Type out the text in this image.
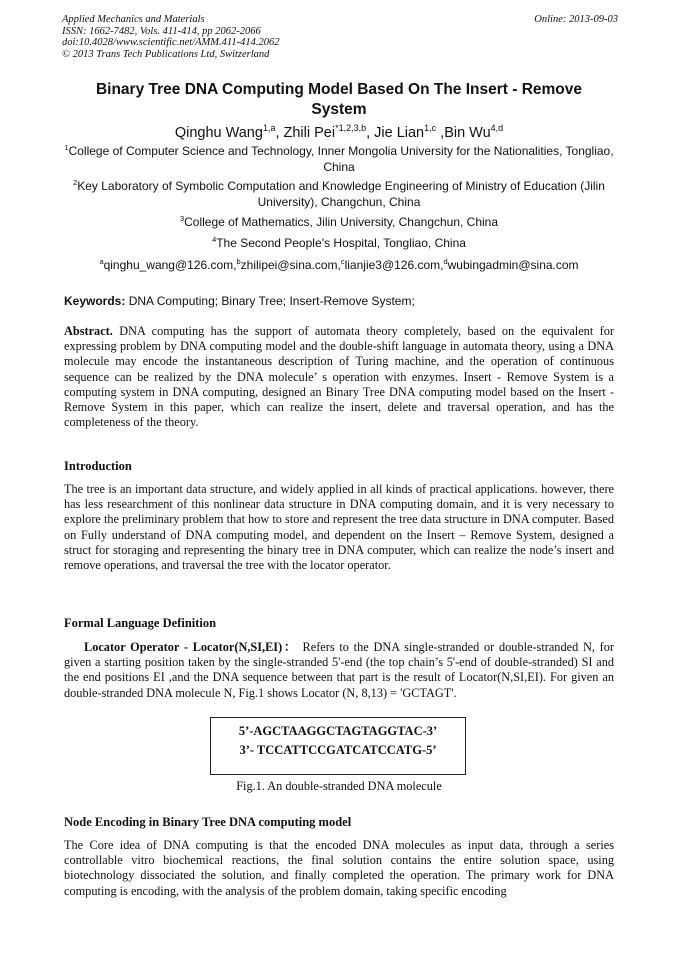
Applied Mechanics and Materials
ISSN: 1662-7482, Vols. 411-414, pp 2062-2066
doi:10.4028/www.scientific.net/AMM.411-414.2062
© 2013 Trans Tech Publications Ltd, Switzerland
Online: 2013-09-03
Binary Tree DNA Computing Model Based On The Insert - Remove
System
Qinghu Wang$^{1,a}$, Zhili Pei$^{*1,2,3,b}$, Jie Lian$^{1,c}$ ,Bin Wu$^{4,d}$
$^1$College of Computer Science and Technology, Inner Mongolia University for the Nationalities, Tongliao, China
$^2$Key Laboratory of Symbolic Computation and Knowledge Engineering of Ministry of Education (Jilin University), Changchun, China
$^3$College of Mathematics, Jilin University, Changchun, China
$^4$The Second People’s Hospital, Tongliao, China
$^a$qinghu_wang@126.com,$^b$zhilipei@sina.com,$^c$lianjie3@126.com,$^d$wubingadmin@sina.com
Keywords: DNA Computing; Binary Tree; Insert-Remove System;
Abstract. DNA computing has the support of automata theory completely, based on the equivalent for expressing problem by DNA computing model and the double-shift language in automata theory, using a DNA molecule may encode the instantaneous description of Turing machine, and the operation of continuous sequence can be realized by the DNA molecule’ s operation with enzymes. Insert - Remove System is a computing system in DNA computing, designed an Binary Tree DNA computing model based on the Insert - Remove System in this paper, which can realize the insert, delete and traversal operation, and has the completeness of the theory.
Introduction
The tree is an important data structure, and widely applied in all kinds of practical applications. however, there has less researchment of this nonlinear data structure in DNA computing domain, and it is very necessary to explore the preliminary problem that how to store and represent the tree data structure in DNA computer. Based on Fully understand of DNA computing model, and dependent on the Insert – Remove System, designed a struct for storaging and representing the binary tree in DNA computer, which can realize the node’s insert and remove operations, and traversal the tree with the locator operator.
Formal Language Definition
Locator Operator - Locator(N,SI,EI)： Refers to the DNA single-stranded or double-stranded N, for given a starting position taken by the single-stranded 5'-end (the top chain’s 5'-end of double-stranded) SI and the end positions EI ,and the DNA sequence between that part is the result of Locator(N,SI,EI). For given an double-stranded DNA molecule N, Fig.1 shows Locator (N, 8,13) = 'GCTAGT'.
5’-AGCTAAGGCTAGTAGGTAC-3’
3’- TCCATTCCGATCATCCATG-5’
Fig.1. An double-stranded DNA molecule
Node Encoding in Binary Tree DNA computing model
The Core idea of DNA computing is that the encoded DNA molecules as input data, through a series controllable vitro biochemical reactions, the final solution contains the entire solution space, using biotechnology dissociated the solution, and finally completed the operation. The primary work for DNA computing is encoding, with the analysis of the problem domain, taking specific encoding
